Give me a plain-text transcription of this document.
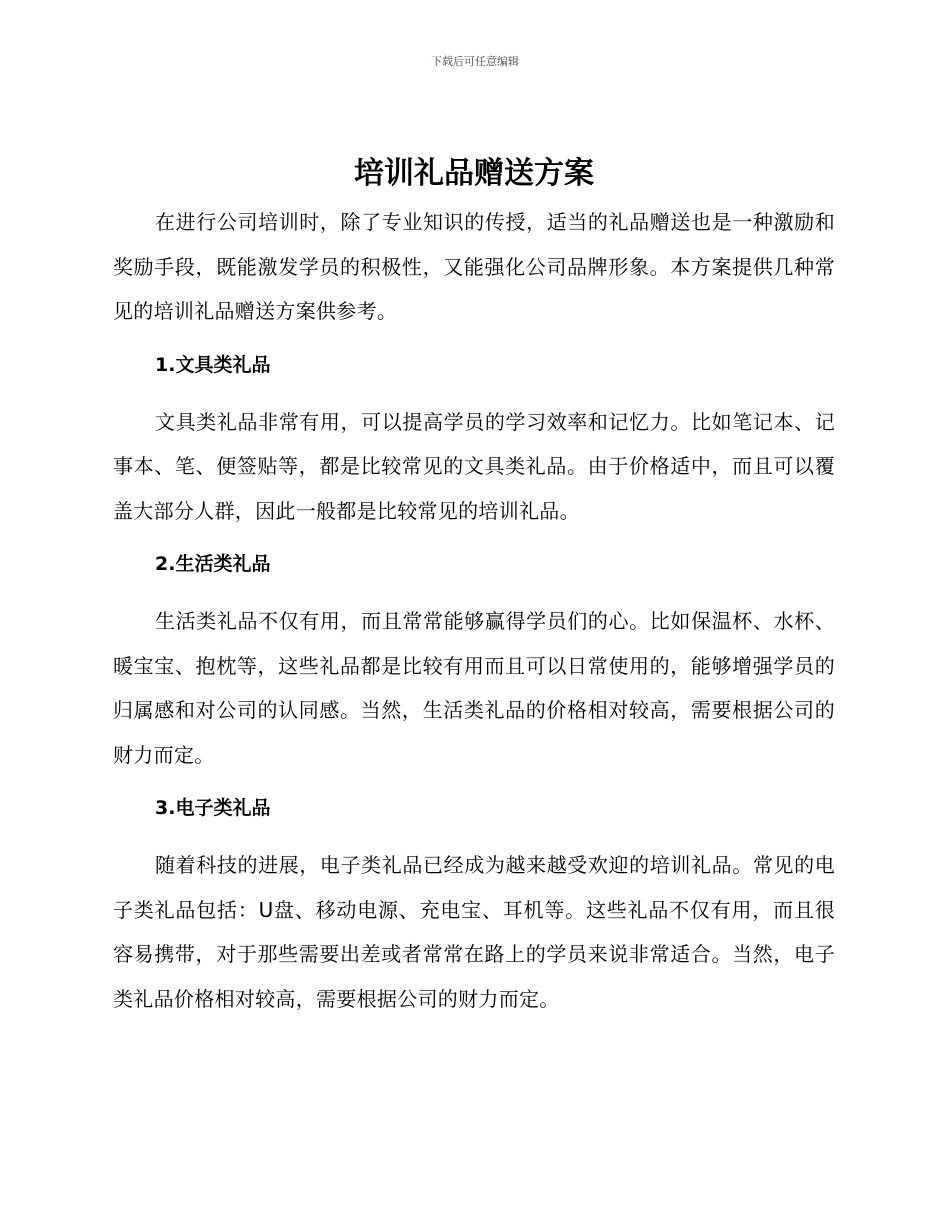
下载后可任意编辑
培训礼品赠送方案

在进行公司培训时，除了专业知识的传授，适当的礼品赠送也是一种激励和奖励手段，既能激发学员的积极性，又能强化公司品牌形象。本方案提供几种常见的培训礼品赠送方案供参考。

1.文具类礼品

文具类礼品非常有用，可以提高学员的学习效率和记忆力。比如笔记本、记事本、笔、便签贴等，都是比较常见的文具类礼品。由于价格适中，而且可以覆盖大部分人群，因此一般都是比较常见的培训礼品。

2.生活类礼品

生活类礼品不仅有用，而且常常能够赢得学员们的心。比如保温杯、水杯、暖宝宝、抱枕等，这些礼品都是比较有用而且可以日常使用的，能够增强学员的归属感和对公司的认同感。当然，生活类礼品的价格相对较高，需要根据公司的财力而定。

3.电子类礼品

随着科技的进展，电子类礼品已经成为越来越受欢迎的培训礼品。常见的电子类礼品包括：U盘、移动电源、充电宝、耳机等。这些礼品不仅有用，而且很容易携带，对于那些需要出差或者常常在路上的学员来说非常适合。当然，电子类礼品价格相对较高，需要根据公司的财力而定。
